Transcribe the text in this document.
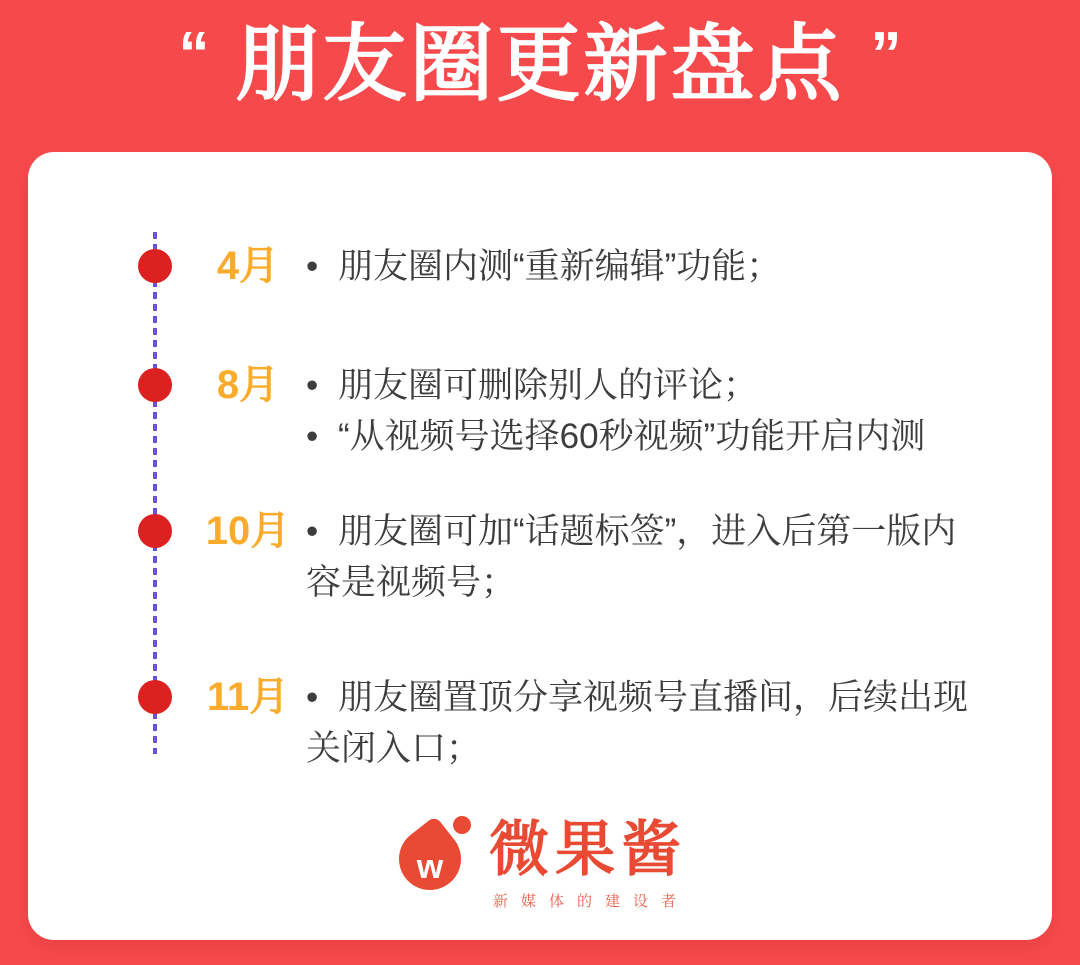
“ 朋友圈更新盘点 ”
4月 • 朋友圈内测“重新编辑”功能；
8月 • 朋友圈可删除别人的评论；
• “从视频号选择60秒视频”功能开启内测
10月 • 朋友圈可加“话题标签”，进入后第一版内容是视频号；
11月 • 朋友圈置顶分享视频号直播间，后续出现关闭入口；
w 微果酱
新媒体的建设者
